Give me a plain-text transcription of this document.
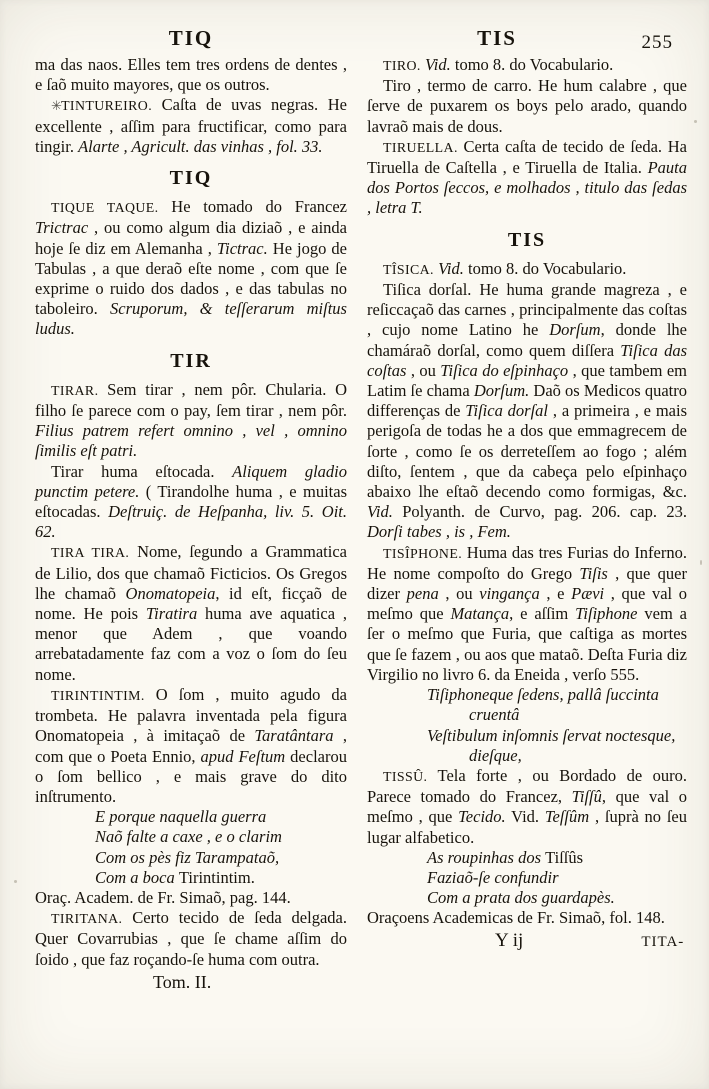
TIQ	TIS	255

ma das naos. Elles tem tres ordens de dentes , e ſaõ muito mayores, que os outros.

✳TINTUREIRO. Caſta de uvas negras. He excellente , aſſim para fructificar, como para tingir. Alarte , Agricult. das vinhas , fol. 33.

TIQ

TIQUE TAQUE. He tomado do Francez Trictrac , ou como algum dia diziaõ , e ainda hoje ſe diz em Alemanha , Tictrac. He jogo de Tabulas , a que deraõ eſte nome , com que ſe exprime o ruido dos dados , e das tabulas no taboleiro. Scruporum, & teſſerarum miſtus ludus.

TIR

TIRAR. Sem tirar , nem pôr. Chularia. O filho ſe parece com o pay, ſem tirar , nem pôr. Filius patrem refert omnino , vel , omnino ſimilis eſt patri.

Tirar huma eſtocada. Aliquem gladio punctim petere. ( Tirandolhe huma , e muitas eſtocadas. Deſtruiç. de Heſpanha, liv. 5. Oit. 62.

TIRA TIRA. Nome, ſegundo a Grammatica de Lilio, dos que chamaõ Ficticios. Os Gregos lhe chamaõ Onomatopeia, id eſt, ficçaõ de nome. He pois Tiratira huma ave aquatica , menor que Adem , que voando arrebatadamente faz com a voz o ſom do ſeu nome.

TIRINTINTIM. O ſom , muito agudo da trombeta. He palavra inventada pela figura Onomatopeia , à imitaçaõ de Taratântara , com que o Poeta Ennio, apud Feſtum declarou o ſom bellico , e mais grave do dito inſtrumento.

E porque naquella guerra
Naõ falte a caxe , e o clarim
Com os pès fiz Tarampataõ,
Com a boca Tirintintim.

Oraç. Academ. de Fr. Simaõ, pag. 144.

TIRITANA. Certo tecido de ſeda delgada. Quer Covarrubias , que ſe chame aſſim do ſoido , que faz roçando-ſe huma com outra.

Tom. II.

TIRO. Vid. tomo 8. do Vocabulario.

Tiro , termo de carro. He hum calabre , que ſerve de puxarem os boys pelo arado, quando lavraõ mais de dous.

TIRUELLA. Certa caſta de tecido de ſeda. Ha Tiruella de Caſtella , e Tiruella de Italia. Pauta dos Portos ſeccos, e molhados , titulo das ſedas , letra T.

TIS

TÎSICA. Vid. tomo 8. do Vocabulario.

Tiſica dorſal. He huma grande magreza , e reſiccaçaõ das carnes , principalmente das coſtas , cujo nome Latino he Dorſum, donde lhe chamáraõ dorſal, como quem diſſera Tiſica das coſtas , ou Tiſica do eſpinhaço , que tambem em Latim ſe chama Dorſum. Daõ os Medicos quatro differenças de Tiſica dorſal , a primeira , e mais perigoſa de todas he a dos que emmagrecem de ſorte , como ſe os derreteſſem ao fogo ; além diſto, ſentem , que da cabeça pelo eſpinhaço abaixo lhe eſtaõ decendo como formigas, &c. Vid. Polyanth. de Curvo, pag. 206. cap. 23. Dorſi tabes , is , Fem.

TISÎPHONE. Huma das tres Furias do Inferno. He nome compoſto do Grego Tiſis , que quer dizer pena , ou vingança , e Pævi , que val o meſmo que Matança, e aſſim Tiſiphone vem a ſer o meſmo que Furia, que caſtiga as mortes que ſe fazem , ou aos que mataõ. Deſta Furia diz Virgilio no livro 6. da Eneida , verſo 555.

Tiſiphoneque ſedens, pallâ ſuccinta cruentâ
Veſtibulum inſomnis ſervat noctesque, dieſque,

TISSÛ. Tela forte , ou Bordado de ouro. Parece tomado do Francez, Tiſſû, que val o meſmo , que Tecido. Vid. Teſſûm , ſuprà no ſeu lugar alfabetico.

As roupinhas dos Tiſſûs
Faziaõ-ſe confundir
Com a prata dos guardapès.

Oraçoens Academicas de Fr. Simaõ, fol. 148.

Y ij	TITA-
